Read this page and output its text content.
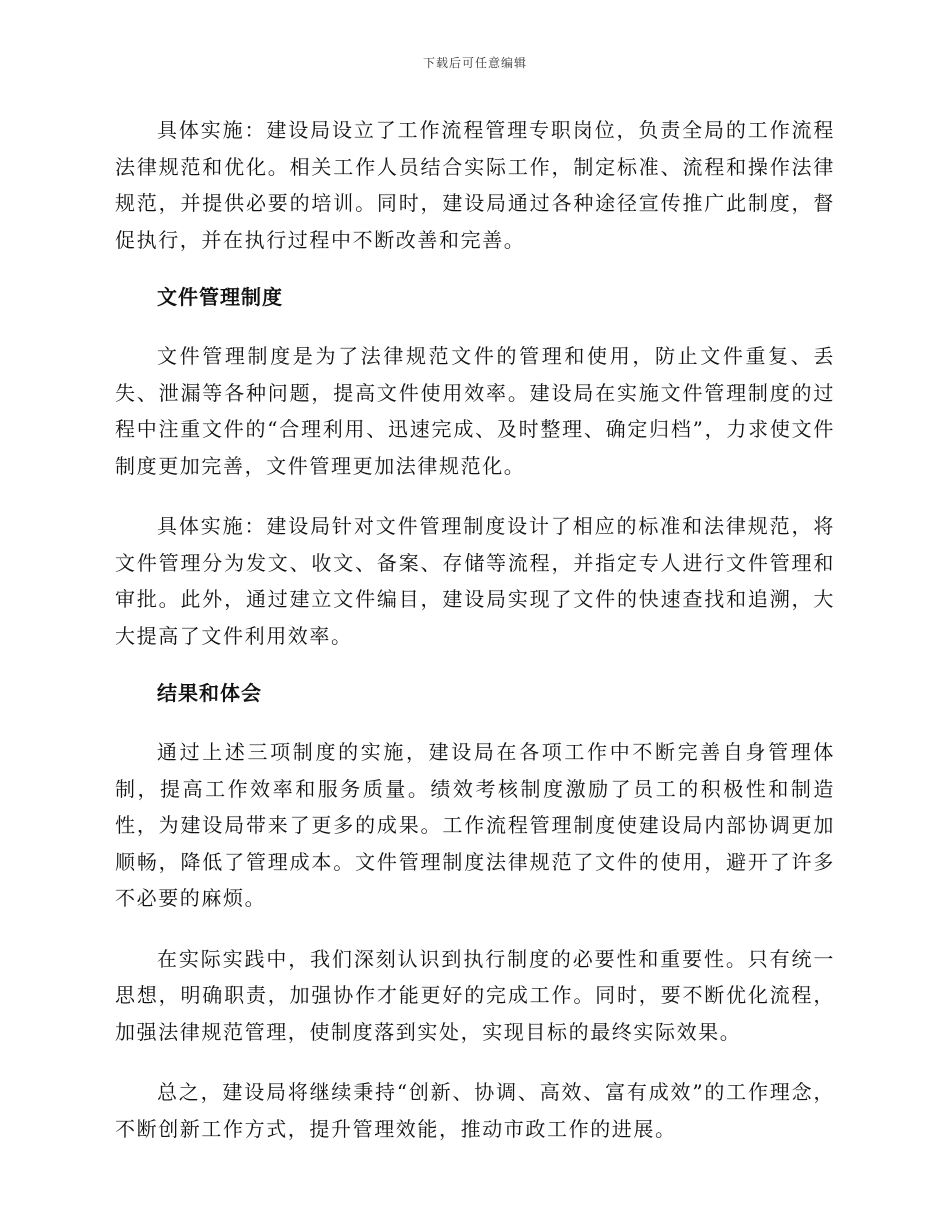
下载后可任意编辑

具体实施：建设局设立了工作流程管理专职岗位，负责全局的工作流程法律规范和优化。相关工作人员结合实际工作，制定标准、流程和操作法律规范，并提供必要的培训。同时，建设局通过各种途径宣传推广此制度，督促执行，并在执行过程中不断改善和完善。

文件管理制度

文件管理制度是为了法律规范文件的管理和使用，防止文件重复、丢失、泄漏等各种问题，提高文件使用效率。建设局在实施文件管理制度的过程中注重文件的“合理利用、迅速完成、及时整理、确定归档”，力求使文件制度更加完善，文件管理更加法律规范化。

具体实施：建设局针对文件管理制度设计了相应的标准和法律规范，将文件管理分为发文、收文、备案、存储等流程，并指定专人进行文件管理和审批。此外，通过建立文件编目，建设局实现了文件的快速查找和追溯，大大提高了文件利用效率。

结果和体会

通过上述三项制度的实施，建设局在各项工作中不断完善自身管理体制，提高工作效率和服务质量。绩效考核制度激励了员工的积极性和制造性，为建设局带来了更多的成果。工作流程管理制度使建设局内部协调更加顺畅，降低了管理成本。文件管理制度法律规范了文件的使用，避开了许多不必要的麻烦。

在实际实践中，我们深刻认识到执行制度的必要性和重要性。只有统一思想，明确职责，加强协作才能更好的完成工作。同时，要不断优化流程，加强法律规范管理，使制度落到实处，实现目标的最终实际效果。

总之，建设局将继续秉持“创新、协调、高效、富有成效”的工作理念，不断创新工作方式，提升管理效能，推动市政工作的进展。
